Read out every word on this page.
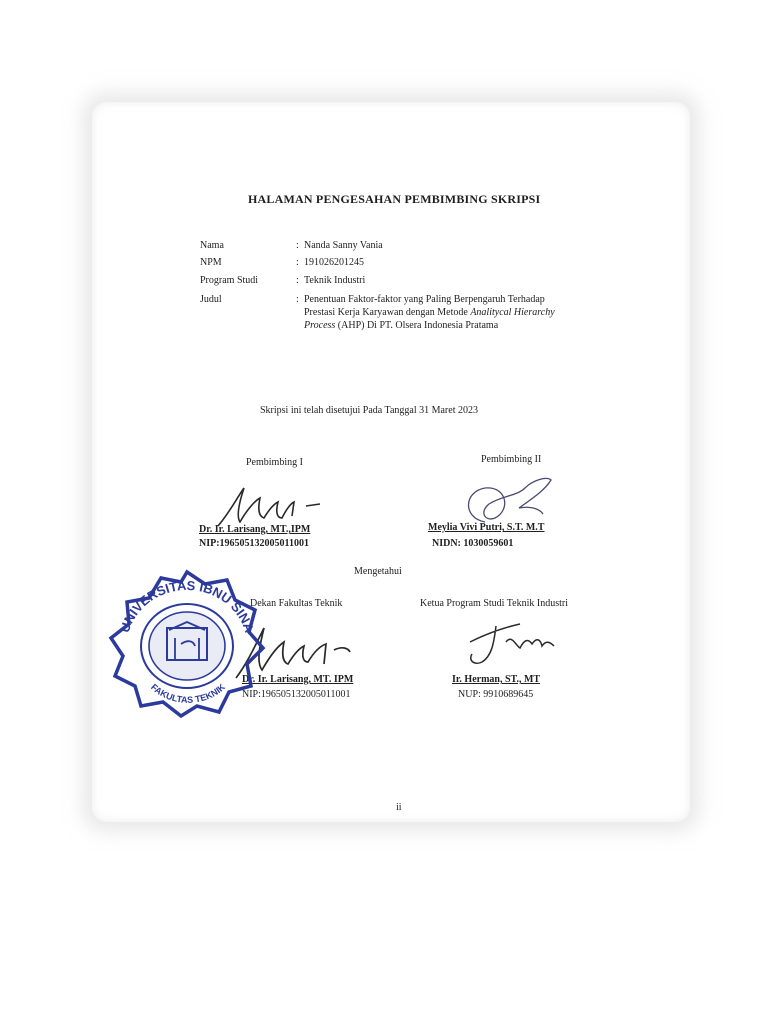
HALAMAN PENGESAHAN PEMBIMBING SKRIPSI
Nama	: Nanda Sanny Vania
NPM	: 191026201245
Program Studi	: Teknik Industri
Judul	: Penentuan Faktor-faktor yang Paling Berpengaruh Terhadap
Prestasi Kerja Karyawan dengan Metode Analitycal Hierarchy
Process (AHP) Di PT. Olsera Indonesia Pratama
Skripsi ini telah disetujui Pada Tanggal 31 Maret 2023
Pembimbing I
Dr. Ir. Larisang, MT.,IPM
NIP:196505132005011001
Pembimbing II
Meylia Vivi Putri, S.T. M.T
NIDN: 1030059601
Mengetahui
Dekan Fakultas Teknik
Dr. Ir. Larisang, MT. IPM
NIP:196505132005011001
Ketua Program Studi Teknik Industri
Ir. Herman, ST., MT
NUP: 9910689645
UNIVERSITAS IBNU SINA
FAKULTAS TEKNIK
ii
